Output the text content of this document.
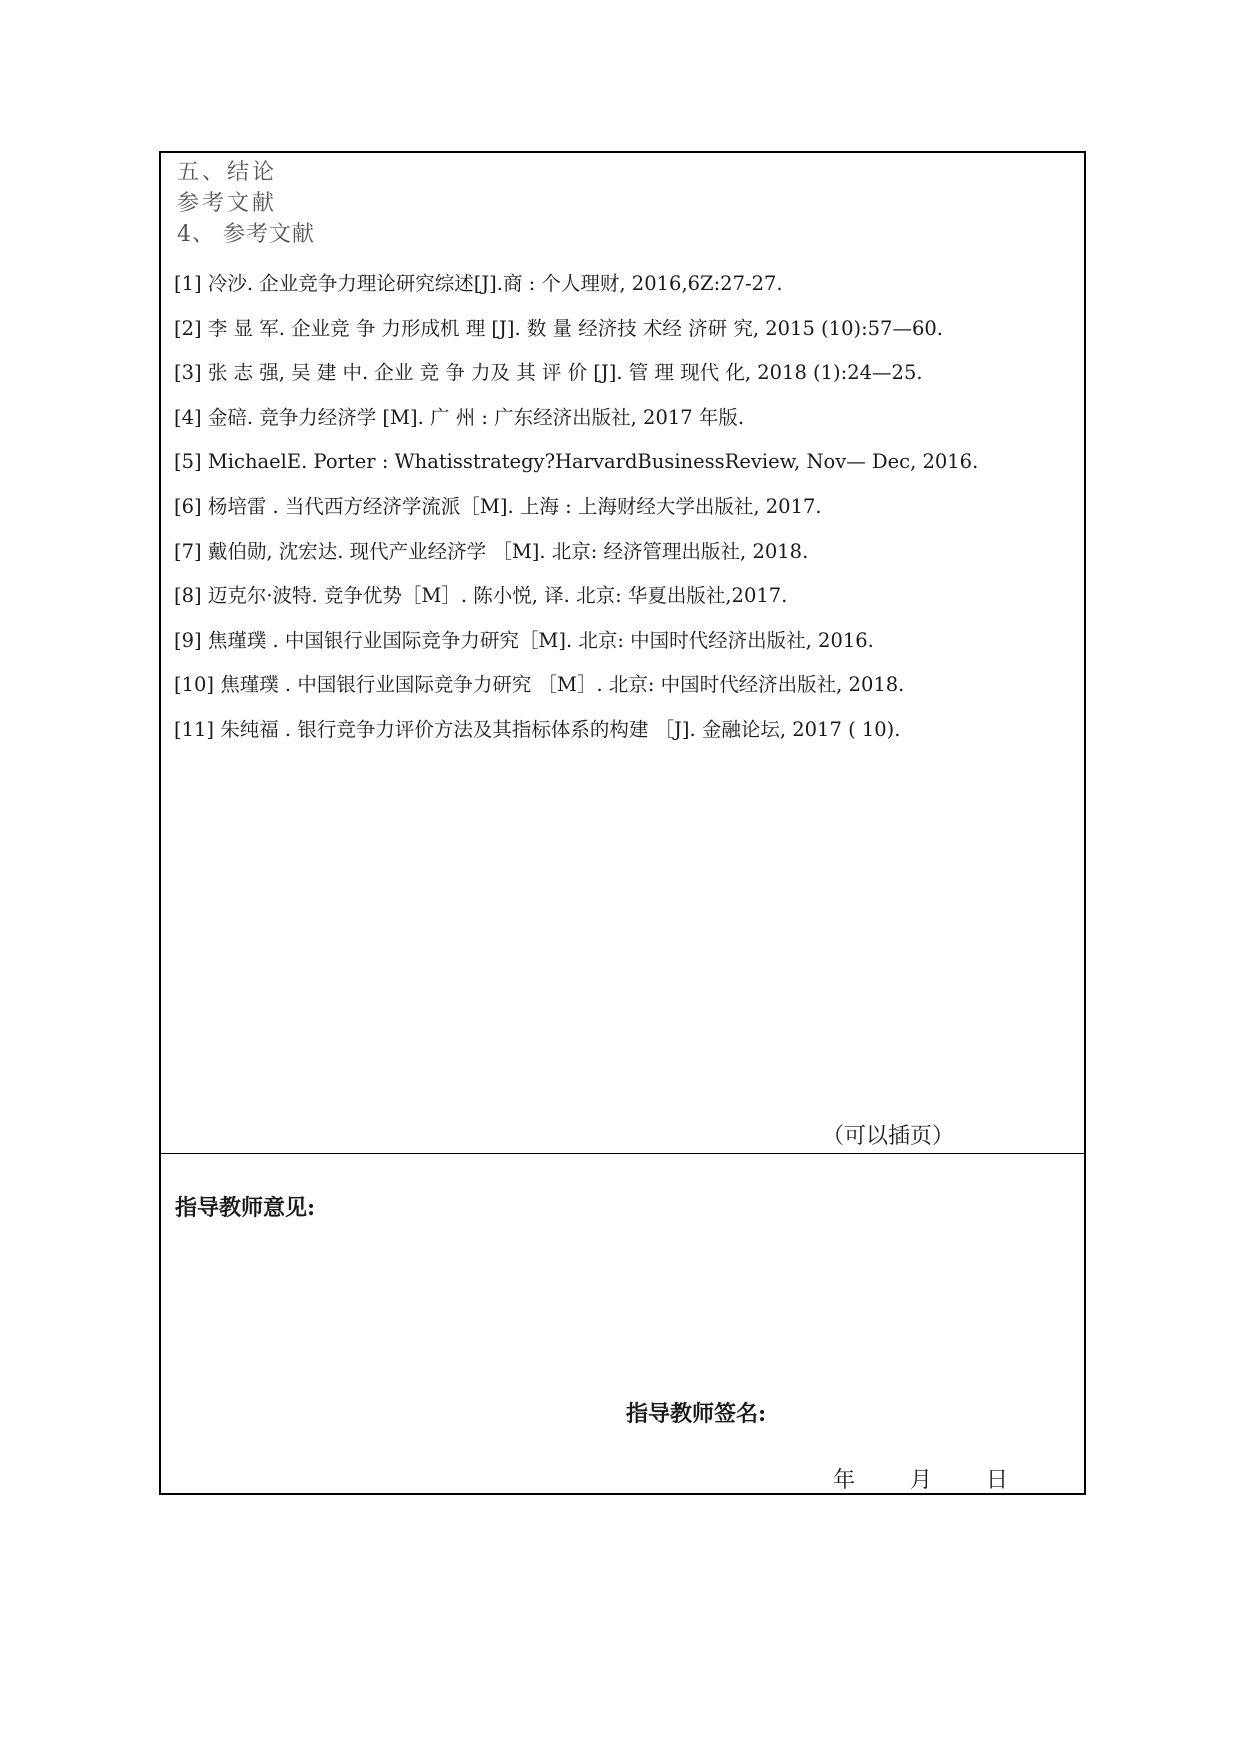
五、结论
参考文献
4、 参考文献
[1] 冷沙. 企业竞争力理论研究综述[J].商 : 个人理财, 2016,6Z:27-27.
[2] 李 显 军. 企业竞 争 力形成机 理 [J]. 数 量 经济技 术经 济研 究, 2015 (10):57—60.
[3] 张 志 强, 吴 建 中. 企业 竞 争 力及 其 评 价 [J]. 管 理 现代 化, 2018 (1):24—25.
[4] 金碚. 竞争力经济学 [M]. 广 州 : 广东经济出版社, 2017 年版.
[5] MichaelE. Porter : Whatisstrategy?HarvardBusinessReview, Nov— Dec, 2016.
[6] 杨培雷 . 当代西方经济学流派［M]. 上海 : 上海财经大学出版社, 2017.
[7] 戴伯勋, 沈宏达. 现代产业经济学 ［M]. 北京: 经济管理出版社, 2018.
[8] 迈克尔·波特. 竞争优势［M］. 陈小悦, 译. 北京: 华夏出版社,2017.
[9] 焦瑾璞 . 中国银行业国际竞争力研究［M]. 北京: 中国时代经济出版社, 2016.
[10] 焦瑾璞 . 中国银行业国际竞争力研究 ［M］. 北京: 中国时代经济出版社, 2018.
[11] 朱纯福 . 银行竞争力评价方法及其指标体系的构建 ［J]. 金融论坛, 2017 ( 10).
（可以插页）
指导教师意见:
指导教师签名:
年 月 日
